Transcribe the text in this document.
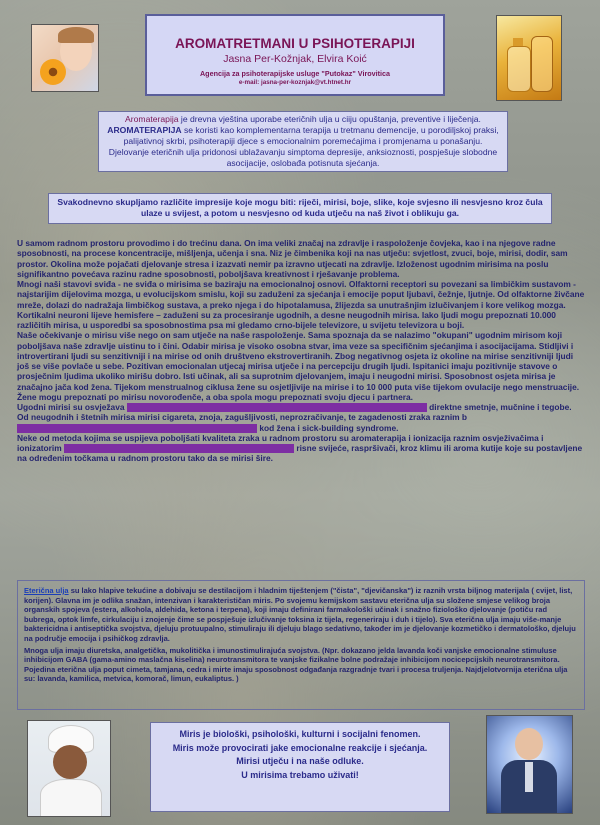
AROMATRETMANI U PSIHOTERAPIJI
Jasna Per-Kožnjak, Elvira Koić
Agencija za psihoterapijske usluge "Putokaz" Virovitica
e-mail: jasna-per-koznjak@vt.htnet.hr
Aromaterapija je drevna vještina uporabe eteričnih ulja u ciiju opuštanja, preventive i liječenja.
AROMATERAPIJA se koristi kao komplementarna terapija u tretmanu demencije, u porodiljskoj praksi, palijativnoj skrbi, psihoterapiji djece s emocionalnim poremećajima i promjenama u ponašanju.
Djelovanje eteričnih ulja pridonosi ublažavanju simptoma depresije, anksioznosti, pospješuje slobodne asocijacije, oslobađa potisnuta sjećanja.
Svakodnevno skupljamo različite impresije koje mogu biti: riječi, mirisi, boje, slike, koje svjesno ili nesvjesno kroz čula ulaze u svijest, a potom u nesvjesno od kuda utječu na naš život i oblikuju ga.

U samom radnom prostoru provodimo i do trećinu dana. On ima veliki značaj na zdravlje i raspoloženje čovjeka, kao i na njegove radne sposobnosti, na procese koncentracije, mišljenja, učenja i sna. Niz je čimbenika koji na nas utječu: svjetlost, zvuci, boje, mirisi, dodir, sam prostor. Okolina može pojačati djelovanje stresa i izazvati nemir pa izravno utjecati na zdravlje. Izloženost ugodnim mirisima na poslu signifikantno povećava razinu radne sposobnosti, pobolјšava kreativnost i rješavanje problema.

Mnogi naši stavovi sviđa - ne sviđa o mirisima se baziraju na emocionalnoj osnovi. Olfaktorni receptori su povezani sa limbičkim sustavom - najstarijim dijelovima mozga, u evolucijskom smislu, koji su zaduženi za sjećanja i emocije poput ljubavi, čežnje, ljutnje. Od olfaktorne živčane mreže, dolazi do nadražaja limbičkog sustava, a preko njega i do hipotalamusa, žlijezda sa unutrašnjim izlučivanjem i kore velikog mozga. Kortikalni neuroni lijeve hemisfere – zaduženi su za procesiranje ugodnih, a desne neugodnih mirisa. Iako ljudi mogu prepoznati 10.000 različitih mirisa, u usporedbi sa sposobnostima psa mi gledamo crno-bijele televizore, u svijetu televizora u boji.

Naše očekivanje o mirisu više nego on sam utječe na naše raspoloženje. Sama spoznaja da se nalazimo "okupani" ugodnim mirisom koji poboljšava naše zdravlje uistinu to i čini. Odabir mirisa je visoko osobna stvar, ima veze sa specifičnim sjećanjima i asocijacijama. Stidljivi i introvertirani ljudi su senzitivniji i na mirise od onih društveno ekstrovertiranih. Zbog negativnog osjeta iz okoline na mirise senzitivniji ljudi još se više povlače u sebe. Pozitivan emocionalan utjecaj mirisa utječe i na percepciju drugih ljudi. Ispitanici imaju pozitivnije stavove o prosječnim ljudima ukoliko mirišu dobro. Isti učinak, ali sa suprotnim djelovanjem, imaju i neugodni mirisi. Sposobnost osjeta mirisa je značajno jača kod žena. Tijekom menstrualnog ciklusa žene su osjetljivije na mirise i to 10 000 puta više tijekom ovulacije nego menstruacije. Žene mogu prepoznati po mirisu novorođenče, a oba spola mogu prepoznati svoju djecu i partnera.

Ugodni mirisi su osvježava	direktne smetnje, mučnine i tegobe.

Od neugodnih i štetnih mirisa mirisi cigareta, znoja, zagušljivosti, neprozračivanje, te zagadenosti zraka raznim b  kod žena i sick-building syndrome.

Neke od metoda kojima se uspijeva poboljšati kvaliteta zraka u radnom prostoru su aromaterapija i ionizacija raznim osvježivačima i ionizatorim	risne svijeće, raspršivači, kroz klimu ili aroma kutije koje su postavljene na određenim točkama u radnom prostoru tako da se mirisi šire.

Eterična ulja su lako hlapive tekućine a dobivaju se destilacijom i hladnim tiještenjem ("čista", "djevičanska") iz raznih vrsta biljnog materijala ( cvijet, list, korijen). Glavna im je odlika snažan, intenzivan i karakterističan miris. Po svojemu kemijskom sastavu eterična ulja su složene smjese velikog broja organskih spojeva (estera, alkohola, aldehida, ketona i terpena), koji imaju definirani farmakološki učinak i snažno fiziološko djelovanje (potiču rad bubrega, optok limfe, cirkulaciju i znojenje čime se pospješuje izlučivanje toksina iz tijela, regeneriraju i duh i tijelo). Sva eterična ulja imaju više-manje baktericidna i antiseptička svojstva, djeluju protuupalno, stimuliraju ili djeluju blago sedativno, također im je djelovanje kozmetičko i dermatološko, djeluju na područje emocija i psihičkog zdravlja.

Mnoga ulja imaju diuretska, analgetička, mukolitička i imunostimulirajuća svojstva. (Npr. dokazano jelda lavanda koči vanjske emocionalne stimuluse inhibicijom GABA (gama-amino maslačna kiselina) neurotransmitora te vanjske fizikalne bolne podražaje inhibicijom nocicepcijskih neurotransmitora. Pojedina eterična ulja poput cimeta, tamjana, cedra i mirte imaju sposobnost odgađanja razgradnje tvari i procesa truljenja. Najdjelotvornija eterična ulja su: lavanda, kamilica, metvica, komorač, limun, eukaliptus. )

Miris je biološki, psihološki, kulturni i socijalni fenomen.
Miris može provocirati jake emocionalne reakcije i sjećanja.
Mirisi utječu i na naše odluke.
U mirisima trebamo uživati!
